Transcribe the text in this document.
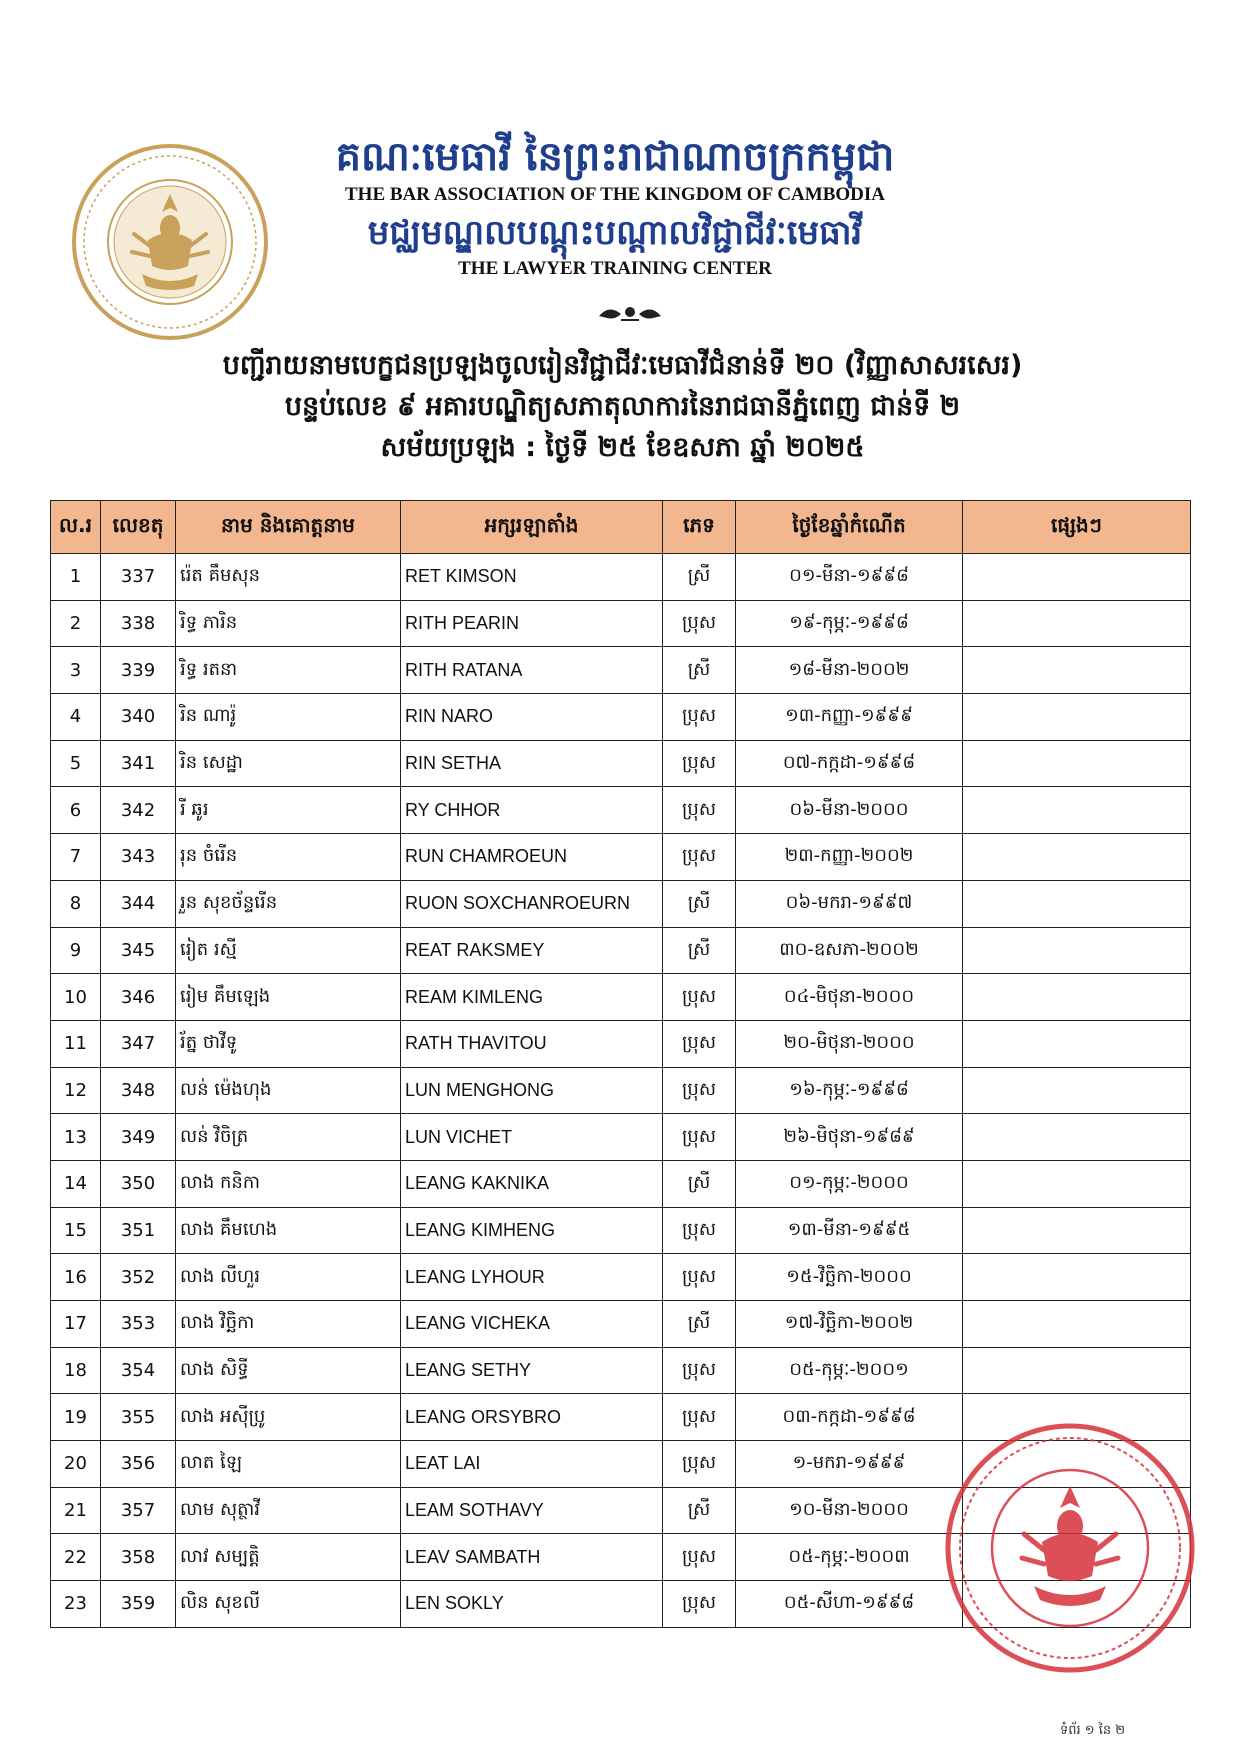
គណៈមេធាវី នៃព្រះរាជាណាចក្រកម្ពុជា
THE BAR ASSOCIATION OF THE KINGDOM OF CAMBODIA
មជ្ឈមណ្ឌលបណ្តុះបណ្តាលវិជ្ជាជីវៈមេធាវី
THE LAWYER TRAINING CENTER
បញ្ជីរាយនាមបេក្ខជនប្រឡងចូលរៀនវិជ្ជាជីវៈមេធាវីជំនាន់ទី ២០ (វិញ្ញាសាសរសេរ)
បន្ទប់លេខ ៩ អគារបណ្ឌិត្យសភាតុលាការនៃរាជធានីភ្នំពេញ ជាន់ទី ២
សម័យប្រឡង : ថ្ងៃទី ២៥ ខែឧសភា ឆ្នាំ ២០២៥
ល.រ	លេខតុ	នាម និងគោត្តនាម	អក្សរឡាតាំង	ភេទ	ថ្ងៃខែឆ្នាំកំណើត	ផ្សេងៗ
1	337	រ៉េត គឹមសុន	RET KIMSON	ស្រី	០១-មីនា-១៩៩៨	
2	338	រិទ្ធ ភារិន	RITH PEARIN	ប្រុស	១៩-កុម្ភៈ-១៩៩៨	
3	339	រិទ្ធ រតនា	RITH RATANA	ស្រី	១៨-មីនា-២០០២	
4	340	រិន ណារ៉ូ	RIN NARO	ប្រុស	១៣-កញ្ញា-១៩៩៩	
5	341	រិន សេដ្ឋា	RIN SETHA	ប្រុស	០៧-កក្កដា-១៩៩៨	
6	342	រី ឆូរ	RY CHHOR	ប្រុស	០៦-មីនា-២០០០	
7	343	រុន ចំរើន	RUN CHAMROEUN	ប្រុស	២៣-កញ្ញា-២០០២	
8	344	រួន សុខច័ន្ទរើន	RUON SOXCHANROEURN	ស្រី	០៦-មករា-១៩៩៧	
9	345	រៀត រស្មី	REAT RAKSMEY	ស្រី	៣០-ឧសភា-២០០២	
10	346	រៀម គឹមឡេង	REAM KIMLENG	ប្រុស	០៤-មិថុនា-២០០០	
11	347	រ័ត្ន ថាវីទូ	RATH THAVITOU	ប្រុស	២០-មិថុនា-២០០០	
12	348	លន់ ម៉េងហុង	LUN MENGHONG	ប្រុស	១៦-កុម្ភៈ-១៩៩៨	
13	349	លន់ វិចិត្រ	LUN VICHET	ប្រុស	២៦-មិថុនា-១៩៨៩	
14	350	លាង កនិកា	LEANG KAKNIKA	ស្រី	០១-កុម្ភៈ-២០០០	
15	351	លាង គឹមហេង	LEANG KIMHENG	ប្រុស	១៣-មីនា-១៩៩៥	
16	352	លាង លីហួរ	LEANG LYHOUR	ប្រុស	១៥-វិច្ឆិកា-២០០០	
17	353	លាង វិច្ឆិកា	LEANG VICHEKA	ស្រី	១៧-វិច្ឆិកា-២០០២	
18	354	លាង សិទ្ធី	LEANG SETHY	ប្រុស	០៥-កុម្ភៈ-២០០១	
19	355	លាង អស៊ីប្រូ	LEANG ORSYBRO	ប្រុស	០៣-កក្កដា-១៩៩៨	
20	356	លាត ឡៃ	LEAT LAI	ប្រុស	១-មករា-១៩៩៩	
21	357	លាម សុត្ថាវី	LEAM SOTHAVY	ស្រី	១០-មីនា-២០០០	
22	358	លាវ សម្បត្តិ	LEAV SAMBATH	ប្រុស	០៥-កុម្ភៈ-២០០៣	
23	359	លិន សុខលី	LEN SOKLY	ប្រុស	០៥-សីហា-១៩៩៨	
ទំព័រ ១ នៃ ២
